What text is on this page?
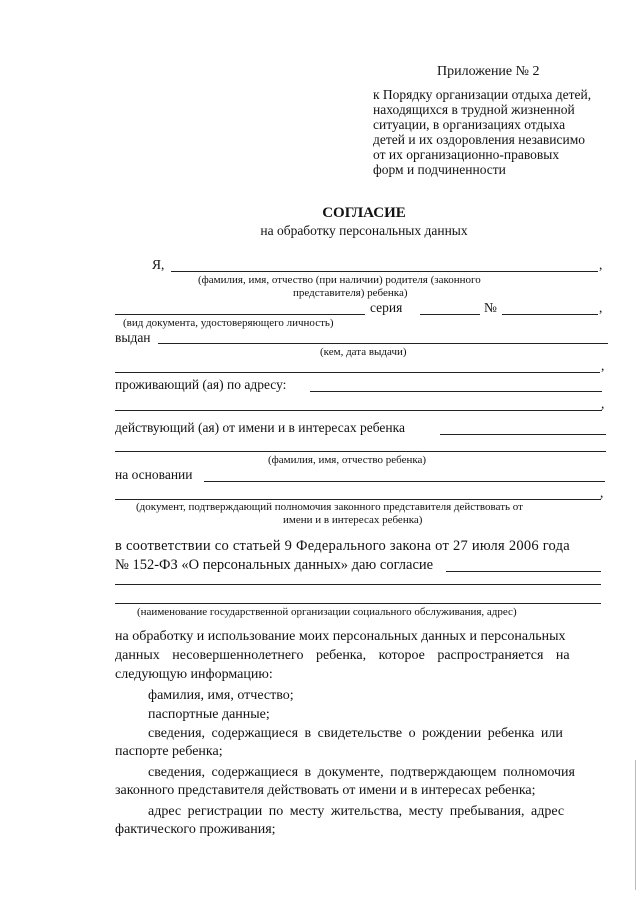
Приложение № 2
к Порядку организации отдыха детей,
находящихся в трудной жизненной
ситуации, в организациях отдыха
детей и их оздоровления независимо
от их организационно-правовых
форм и подчиненности
СОГЛАСИЕ
на обработку персональных данных
Я,	,
(фамилия, имя, отчество (при наличии) родителя (законного
представителя) ребенка)
серия	№	,
(вид документа, удостоверяющего личность)
выдан
(кем, дата выдачи)
,
проживающий (ая) по адресу:
,
действующий (ая) от имени и в интересах ребенка
(фамилия, имя, отчество ребенка)
на основании
,
(документ, подтверждающий полномочия законного представителя действовать от
имени и в интересах ребенка)
в соответствии со статьей 9 Федерального закона от 27 июля 2006 года
№ 152-ФЗ «О персональных данных» даю согласие
(наименование государственной организации социального обслуживания, адрес)
на обработку и использование моих персональных данных и персональных
данных несовершеннолетнего ребенка, которое распространяется на
следующую информацию:
фамилия, имя, отчество;
паспортные данные;
сведения, содержащиеся в свидетельстве о рождении ребенка или
паспорте ребенка;
сведения, содержащиеся в документе, подтверждающем полномочия
законного представителя действовать от имени и в интересах ребенка;
адрес регистрации по месту жительства, месту пребывания, адрес
фактического проживания;
